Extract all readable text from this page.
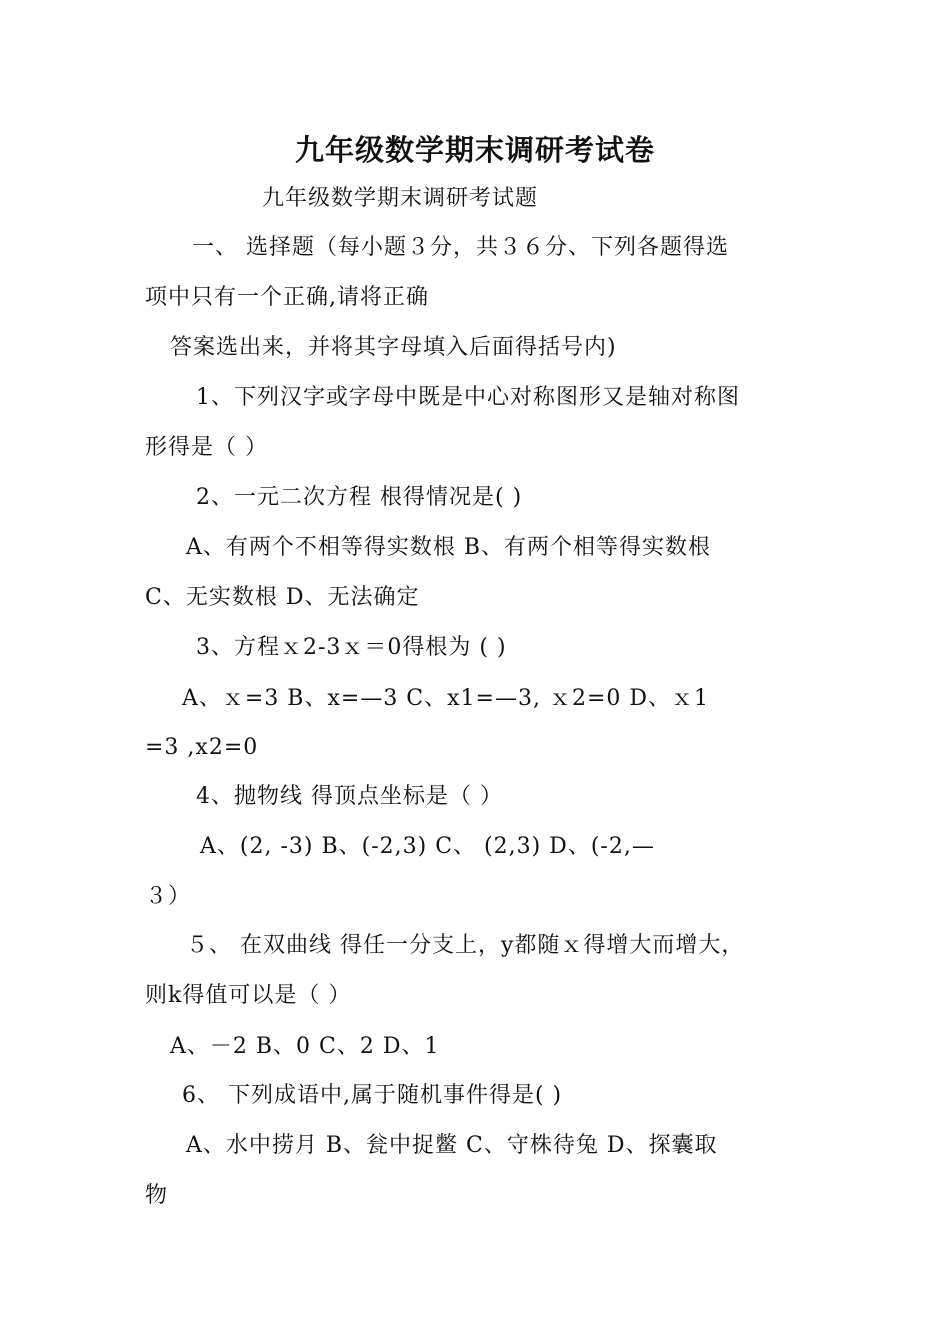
九年级数学期末调研考试卷
九年级数学期末调研考试题
一、 选择题（每小题３分，共３６分、下列各题得选
项中只有一个正确,请将正确
答案选出来，并将其字母填入后面得括号内)
1、下列汉字或字母中既是中心对称图形又是轴对称图
形得是（ ）
2、一元二次方程 根得情况是( )
A、有两个不相等得实数根 B、有两个相等得实数根
C、无实数根 D、无法确定
3、方程ｘ2-3ｘ＝0得根为 ( )
A、ｘ=3 B、x=—3 C、x1=—3, ｘ2=0 D、ｘ1
=3 ,x2=0
4、抛物线 得顶点坐标是（ ）
A、(2, -3) B、(-2,3) C、 (2,3) D、(-2,—
３）
５、 在双曲线 得任一分支上，y都随ｘ得增大而增大，
则k得值可以是（ ）
A、－2 B、0 C、2 D、1
6、 下列成语中,属于随机事件得是( )
A、水中捞月 B、瓮中捉鳖 C、守株待兔 D、探囊取
物
